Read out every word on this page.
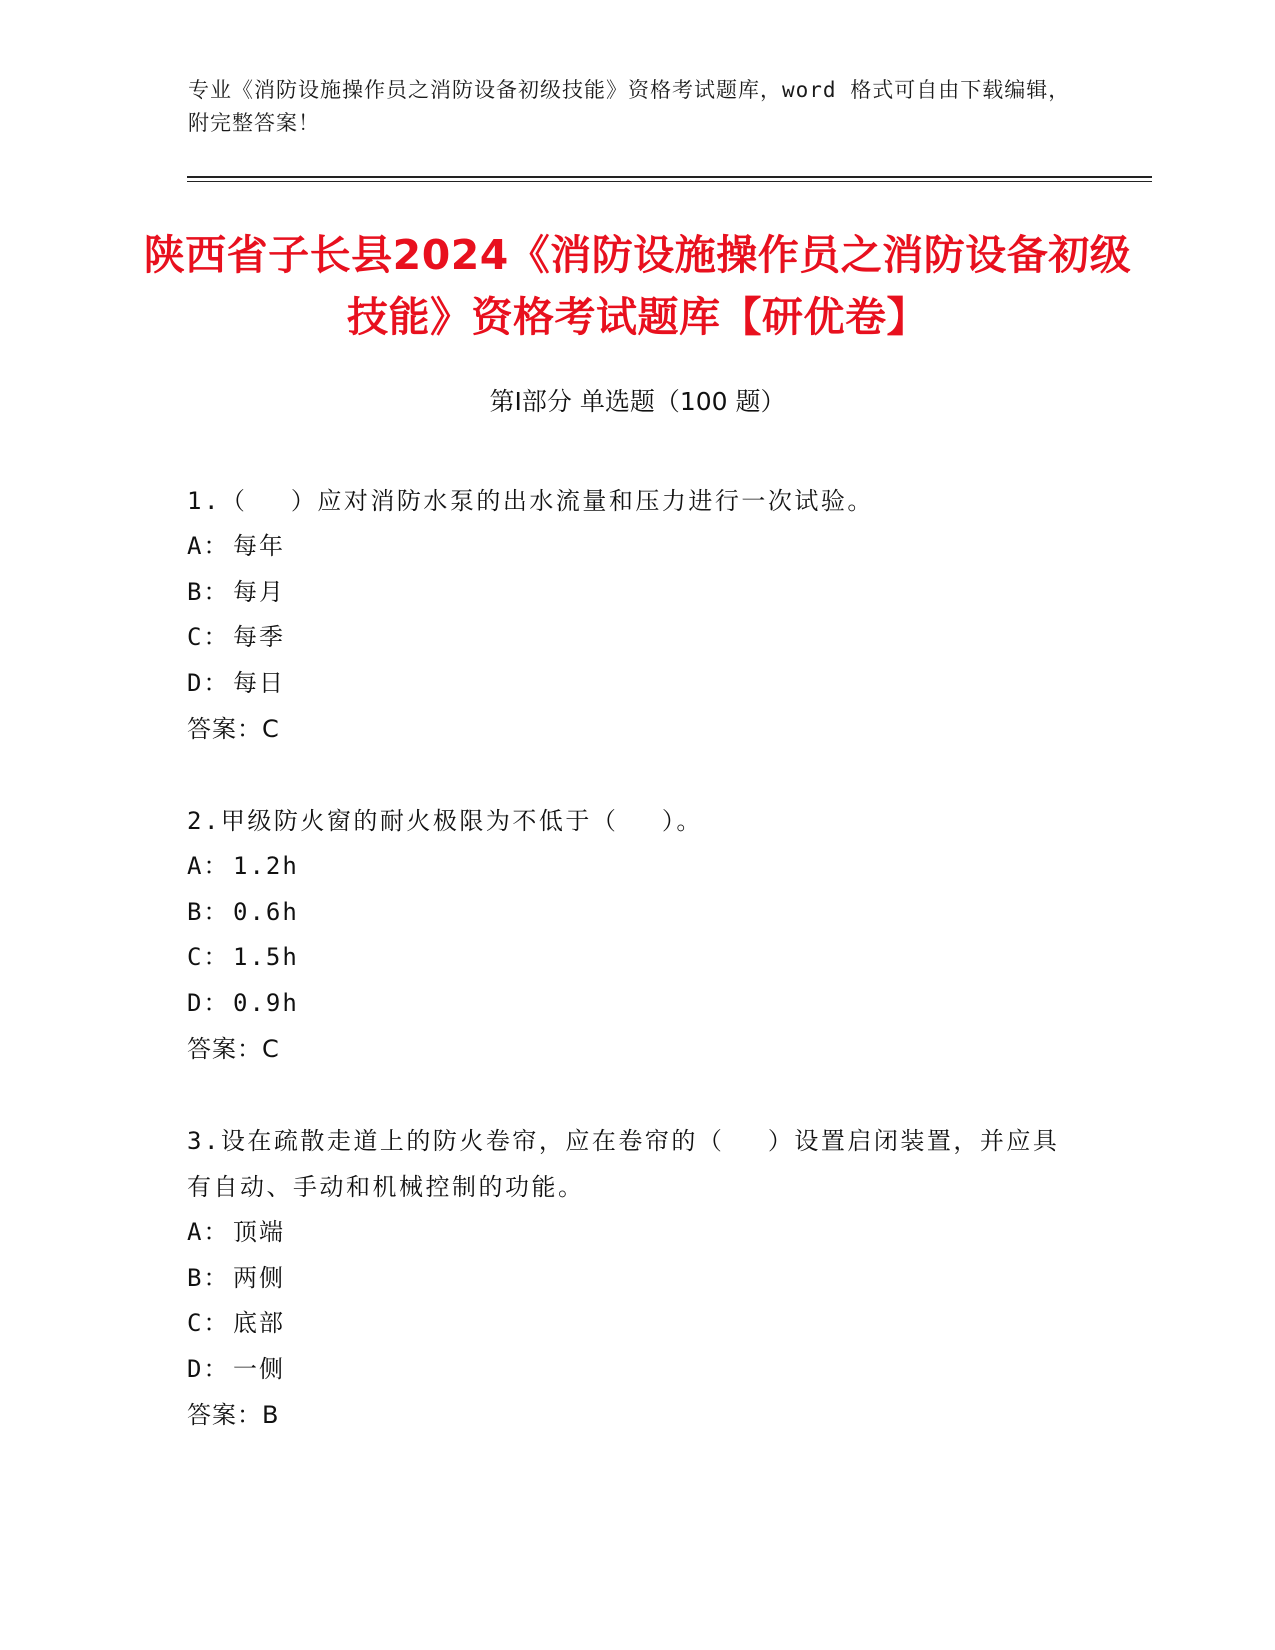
专业《消防设施操作员之消防设备初级技能》资格考试题库，word 格式可自由下载编辑，附完整答案！
陕西省子长县2024《消防设施操作员之消防设备初级技能》资格考试题库【研优卷】
第Ⅰ部分 单选题（100 题）

1.（　 ）应对消防水泵的出水流量和压力进行一次试验。

A： 每年
B： 每月
C： 每季
D： 每日
答案：C

2.甲级防火窗的耐火极限为不低于（　 ）。

A： 1.2h
B： 0.6h
C： 1.5h
D： 0.9h
答案：C

3.设在疏散走道上的防火卷帘，应在卷帘的（　 ）设置启闭装置，并应具有自动、手动和机械控制的功能。

A： 顶端
B： 两侧
C： 底部
D： 一侧
答案：B
